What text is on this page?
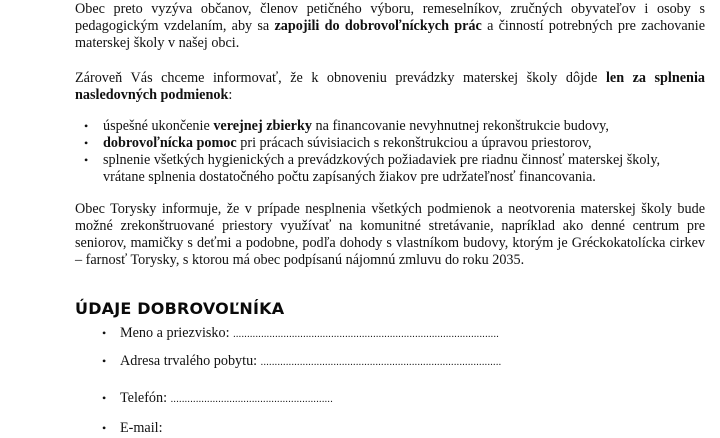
Obec preto vyzýva občanov, členov petičného výboru, remeselníkov, zručných obyvateľov i osoby s pedagogickým vzdelaním, aby sa zapojili do dobrovoľníckych prác a činností potrebných pre zachovanie materskej školy v našej obci.

Zároveň Vás chceme informovať, že k obnoveniu prevádzky materskej školy dôjde len za splnenia nasledovných podmienok:

• úspešné ukončenie verejnej zbierky na financovanie nevyhnutnej rekonštrukcie budovy,
• dobrovoľnícka pomoc pri prácach súvisiacich s rekonštrukciou a úpravou priestorov,
• splnenie všetkých hygienických a prevádzkových požiadaviek pre riadnu činnosť materskej školy, vrátane splnenia dostatočného počtu zapísaných žiakov pre udržateľnosť financovania.

Obec Torysky informuje, že v prípade nesplnenia všetkých podmienok a neotvorenia materskej školy bude možné zrekonštruované priestory využívať na komunitné stretávanie, napríklad ako denné centrum pre seniorov, mamičky s deťmi a podobne, podľa dohody s vlastníkom budovy, ktorým je Gréckokatolícka cirkev – farnosť Torysky, s ktorou má obec podpísanú nájomnú zmluvu do roku 2035.

ÚDAJE DOBROVOĽNÍKA
• Meno a priezvisko: ...............................................................................................
• Adresa trvalého pobytu: ......................................................................................
• Telefón: ..........................................................
• E-mail:
